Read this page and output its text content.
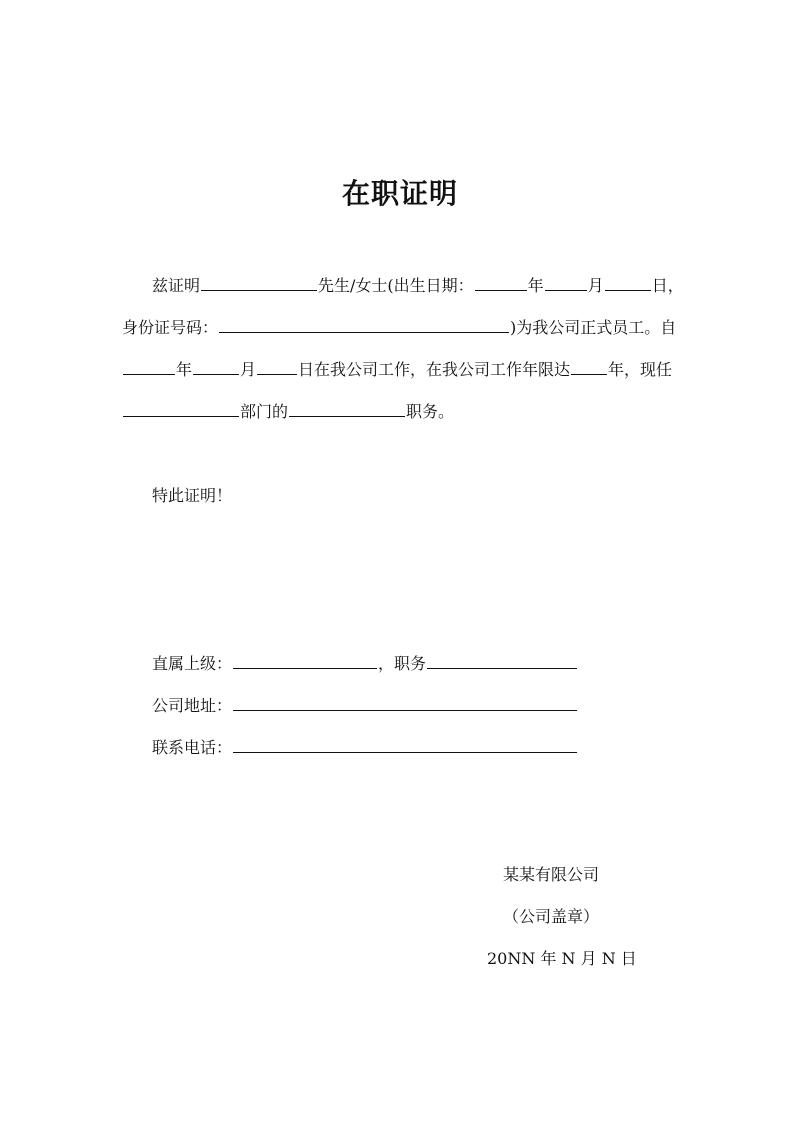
在职证明
兹证明	先生/女士(出生日期：	年	月	日，
身份证号码：	)为我公司正式员工。自
年	月	日在我公司工作，在我公司工作年限达 年，现任
部门的	职务。
特此证明！
直属上级：	，职务
公司地址：
联系电话：
某某有限公司
（公司盖章）
20NN 年 N 月 N 日
